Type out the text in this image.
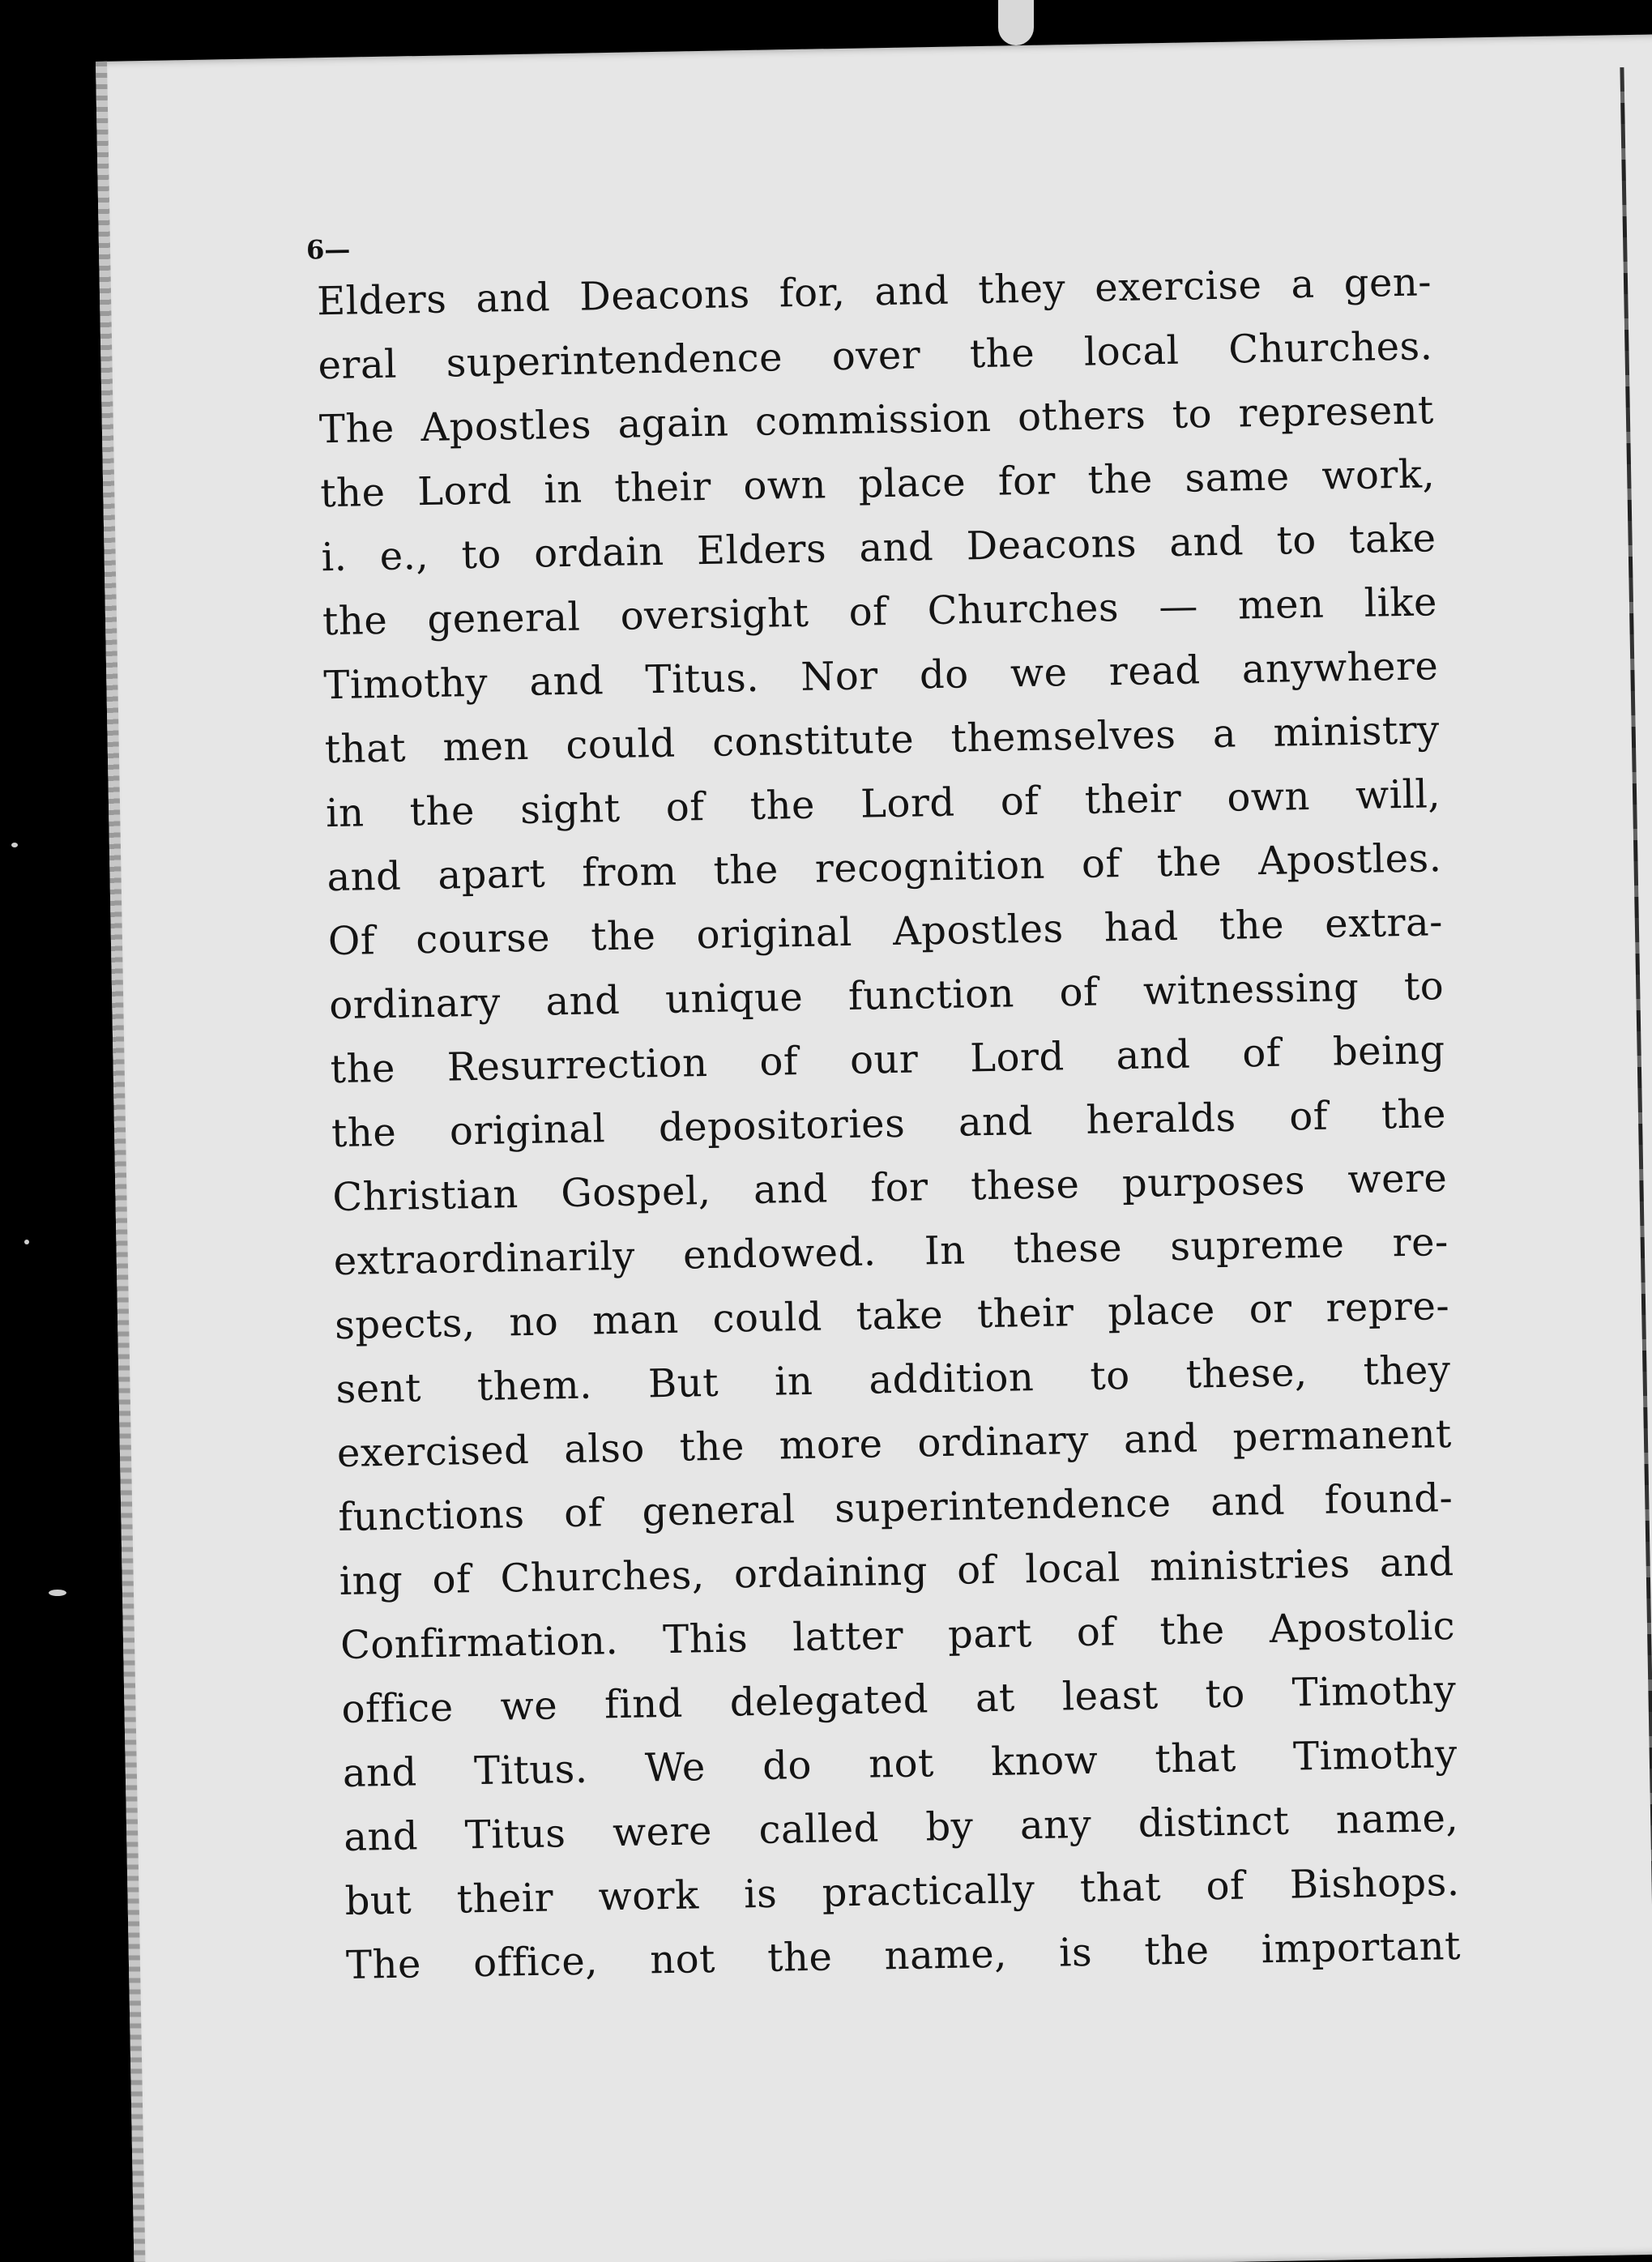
6—
Elders and Deacons for, and they exercise a gen-
eral superintendence over the local Churches.
The Apostles again commission others to represent
the Lord in their own place for the same work,
i. e., to ordain Elders and Deacons and to take
the general oversight of Churches — men like
Timothy and Titus. Nor do we read anywhere
that men could constitute themselves a ministry
in the sight of the Lord of their own will,
and apart from the recognition of the Apostles.
Of course the original Apostles had the extra-
ordinary and unique function of witnessing to
the Resurrection of our Lord and of being
the original depositories and heralds of the
Christian Gospel, and for these purposes were
extraordinarily endowed. In these supreme re-
spects, no man could take their place or repre-
sent them. But in addition to these, they
exercised also the more ordinary and permanent
functions of general superintendence and found-
ing of Churches, ordaining of local ministries and
Confirmation. This latter part of the Apostolic
office we find delegated at least to Timothy
and Titus. We do not know that Timothy
and Titus were called by any distinct name,
but their work is practically that of Bishops.
The office, not the name, is the important
